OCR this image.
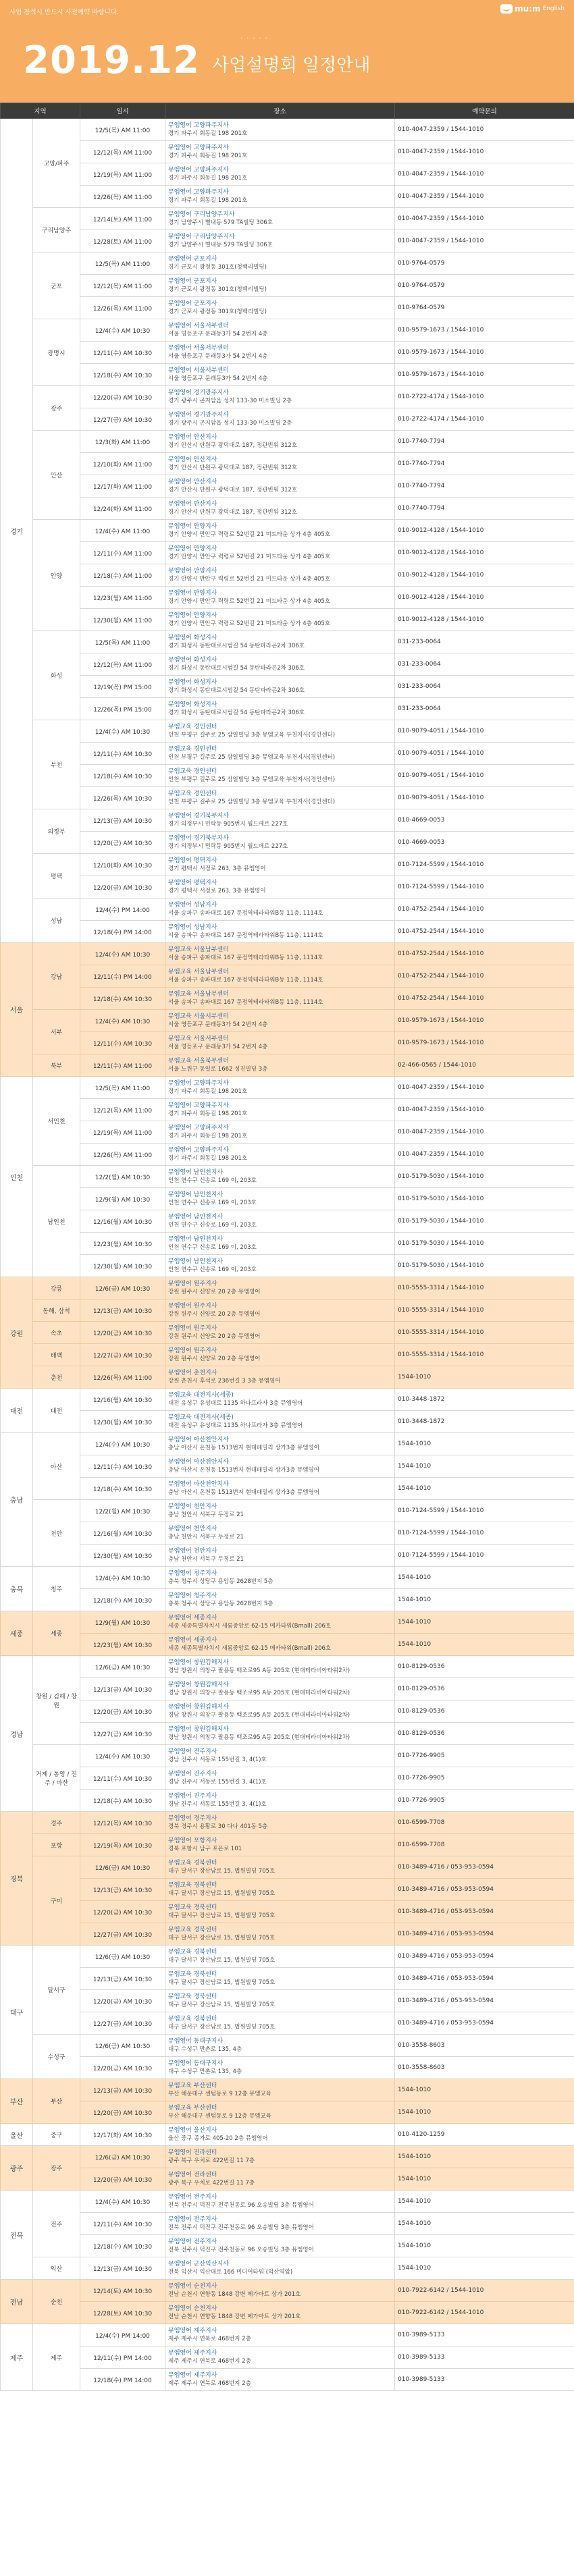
사업 참석시 반드시 사전예약 바랍니다.	mu:m English
·····
2019.12 사업설명회 일정안내
지역		일시	장소	예약문의
경기	고양/파주	12/5(목) AM 11:00	뮤엠영어 고양파주지사
경기 파주시 회동길 198 201호	010-4047-2359 / 1544-1010
		12/12(목) AM 11:00	뮤엠영어 고양파주지사
경기 파주시 회동길 198 201호	010-4047-2359 / 1544-1010
		12/19(목) AM 11:00	뮤엠영어 고양파주지사
경기 파주시 회동길 198 201호	010-4047-2359 / 1544-1010
		12/26(목) AM 11:00	뮤엠영어 고양파주지사
경기 파주시 회동길 198 201호	010-4047-2359 / 1544-1010
	구리남양주	12/14(토) AM 11:00	뮤엠영어 구리남양주지사
경기 남양주시 별내동 579 TA빌딩 306호	010-4047-2359 / 1544-1010
		12/28(토) AM 11:00	뮤엠영어 구리남양주지사
경기 남양주시 별내동 579 TA빌딩 306호	010-4047-2359 / 1544-1010
	군포	12/5(목) AM 11:00	뮤엠영어 군포지사
경기 군포시 광정동 301호(청백리빌딩)	010-9764-0579
		12/12(목) AM 11:00	뮤엠영어 군포지사
경기 군포시 광정동 301호(청백리빌딩)	010-9764-0579
		12/26(목) AM 11:00	뮤엠영어 군포지사
경기 군포시 광정동 301호(청백리빌딩)	010-9764-0579
	광명시	12/4(수) AM 10:30	뮤엠영어 서울서부센터
서울 영등포구 문래동3가 54 2번지 4층	010-9579-1673 / 1544-1010
		12/11(수) AM 10:30	뮤엠영어 서울서부센터
서울 영등포구 문래동3가 54 2번지 4층	010-9579-1673 / 1544-1010
		12/18(수) AM 10:30	뮤엠영어 서울서부센터
서울 영등포구 문래동3가 54 2번지 4층	010-9579-1673 / 1544-1010
	광주	12/20(금) AM 10:30	뮤엠영어 경기광주지사
경기 광주시 곤지암읍 성지 133-30 미소빌딩 2층	010-2722-4174 / 1544-1010
		12/27(금) AM 10:30	뮤엠영어 경기광주지사
경기 광주시 곤지암읍 성지 133-30 미소빌딩 2층	010-2722-4174 / 1544-1010
	안산	12/3(화) AM 11:00	뮤엠영어 안산지사
경기 안산시 단원구 광덕대로 187, 정관빈워 312호	010-7740-7794
		12/10(화) AM 11:00	뮤엠영어 안산지사
경기 안산시 단원구 광덕대로 187, 정관빈워 312호	010-7740-7794
		12/17(화) AM 11:00	뮤엠영어 안산지사
경기 안산시 단원구 광덕대로 187, 정관빈워 312호	010-7740-7794
		12/24(화) AM 11:00	뮤엠영어 안산지사
경기 안산시 단원구 광덕대로 187, 정관빈워 312호	010-7740-7794
	안양	12/4(수) AM 11:00	뮤엠영어 안양지사
경기 안양시 만안구 력령로 52번길 21 미드타운 상가 4층 405호	010-9012-4128 / 1544-1010
		12/11(수) AM 11:00	뮤엠영어 안양지사
경기 안양시 만안구 력령로 52번길 21 미드타운 상가 4층 405호	010-9012-4128 / 1544-1010
		12/18(수) AM 11:00	뮤엠영어 안양지사
경기 안양시 만안구 력령로 52번길 21 미드타운 상가 4층 405호	010-9012-4128 / 1544-1010
		12/23(월) AM 11:00	뮤엠영어 안양지사
경기 안양시 만안구 력령로 52번길 21 미드타운 상가 4층 405호	010-9012-4128 / 1544-1010
		12/30(월) AM 11:00	뮤엠영어 안양지사
경기 안양시 만안구 력령로 52번길 21 미드타운 상가 4층 405호	010-9012-4128 / 1544-1010
	화성	12/5(목) AM 11:00	뮤엠영어 화성지사
경기 화성시 동탄대로시범길 54 동탄파라곤2차 306호	031-233-0064
		12/12(목) AM 11:00	뮤엠영어 화성지사
경기 화성시 동탄대로시범길 54 동탄파라곤2차 306호	031-233-0064
		12/19(목) PM 15:00	뮤엠영어 화성지사
경기 화성시 동탄대로시범길 54 동탄파라곤2차 306호	031-233-0064
		12/26(목) PM 15:00	뮤엠영어 화성지사
경기 화성시 동탄대로시범길 54 동탄파라곤2차 306호	031-233-0064
	부천	12/4(수) AM 10:30	뮤엠교육 경인센터
인천 부평구 길주로 25 삼일빌딩 3층 뮤엠교육 부천지사(경인센터)	010-9079-4051 / 1544-1010
		12/11(수) AM 10:30	뮤엠교육 경인센터
인천 부평구 길주로 25 삼일빌딩 3층 뮤엠교육 부천지사(경인센터)	010-9079-4051 / 1544-1010
		12/18(수) AM 10:30	뮤엠교육 경인센터
인천 부평구 길주로 25 삼일빌딩 3층 뮤엠교육 부천지사(경인센터)	010-9079-4051 / 1544-1010
		12/26(목) AM 10:30	뮤엠교육 경인센터
인천 부평구 길주로 25 삼일빌딩 3층 뮤엠교육 부천지사(경인센터)	010-9079-4051 / 1544-1010
	의정부	12/13(금) AM 10:30	뮤엠영어 경기북부지사
경기 의정부시 민락동 905번지 월드메르 227호	010-4669-0053
		12/20(금) AM 10:30	뮤엠영어 경기북부지사
경기 의정부시 민락동 905번지 월드메르 227호	010-4669-0053
	평택	12/10(화) AM 10:30	뮤엠영어 평택지사
경기 평택시 서정로 263, 3층 뮤엠영어	010-7124-5599 / 1544-1010
		12/20(금) AM 10:30	뮤엠영어 평택지사
경기 평택시 서정로 263, 3층 뮤엠영어	010-7124-5599 / 1544-1010
	성남	12/4(수) PM 14:00	뮤엠영어 성남지사
서울 송파구 송파대로 167 문정역테라타워B동 11층, 1114호	010-4752-2544 / 1544-1010
		12/18(수) PM 14:00	뮤엠영어 성남지사
서울 송파구 송파대로 167 문정역테라타워B동 11층, 1114호	010-4752-2544 / 1544-1010
서울	강남	12/4(수) AM 10:30	뮤엠교육 서울남부센터
서울 송파구 송파대로 167 문정역테라타워B동 11층, 1114호	010-4752-2544 / 1544-1010
		12/11(수) PM 14:00	뮤엠교육 서울남부센터
서울 송파구 송파대로 167 문정역테라타워B동 11층, 1114호	010-4752-2544 / 1544-1010
		12/18(수) AM 10:30	뮤엠교육 서울남부센터
서울 송파구 송파대로 167 문정역테라타워B동 11층, 1114호	010-4752-2544 / 1544-1010
	서부	12/4(수) AM 10:30	뮤엠교육 서울서부센터
서울 영등포구 문래동3가 54 2번지 4층	010-9579-1673 / 1544-1010
		12/11(수) AM 10:30	뮤엠교육 서울서부센터
서울 영등포구 문래동3가 54 2번지 4층	010-9579-1673 / 1544-1010
	북부	12/11(수) AM 11:00	뮤엠교육 서울북부센터
서울 노원구 동일로 1662 성진빌딩 3층	02-466-0565 / 1544-1010
인천	서인천	12/5(목) AM 11:00	뮤엠영어 고양파주지사
경기 파주시 회동길 198 201호	010-4047-2359 / 1544-1010
		12/12(목) AM 11:00	뮤엠영어 고양파주지사
경기 파주시 회동길 198 201호	010-4047-2359 / 1544-1010
		12/19(목) AM 11:00	뮤엠영어 고양파주지사
경기 파주시 회동길 198 201호	010-4047-2359 / 1544-1010
		12/26(목) AM 11:00	뮤엠영어 고양파주지사
경기 파주시 회동길 198 201호	010-4047-2359 / 1544-1010
	남인천	12/2(월) AM 10:30	뮤엠영어 남인천지사
인천 연수구 신송로 169 이, 203호	010-5179-5030 / 1544-1010
		12/9(월) AM 10:30	뮤엠영어 남인천지사
인천 연수구 신송로 169 이, 203호	010-5179-5030 / 1544-1010
		12/16(월) AM 10:30	뮤엠영어 남인천지사
인천 연수구 신송로 169 이, 203호	010-5179-5030 / 1544-1010
		12/23(월) AM 10:30	뮤엠영어 남인천지사
인천 연수구 신송로 169 이, 203호	010-5179-5030 / 1544-1010
		12/30(월) AM 10:30	뮤엠영어 남인천지사
인천 연수구 신송로 169 이, 203호	010-5179-5030 / 1544-1010
강원	강릉	12/6(금) AM 10:30	뮤엠영어 원주지사
강원 원주시 신양로 20 2층 뮤엠영어	010-5555-3314 / 1544-1010
	동해, 삼척	12/13(금) AM 10:30	뮤엠영어 원주지사
강원 원주시 신양로 20 2층 뮤엠영어	010-5555-3314 / 1544-1010
	속초	12/20(금) AM 10:30	뮤엠영어 원주지사
강원 원주시 신양로 20 2층 뮤엠영어	010-5555-3314 / 1544-1010
	태백	12/27(금) AM 10:30	뮤엠영어 원주지사
강원 원주시 신양로 20 2층 뮤엠영어	010-5555-3314 / 1544-1010
	춘천	12/26(목) AM 11:00	뮤엠영어 춘천지사
강원 춘천시 후석로 236번길 3 3층 뮤엠영어	1544-1010
대전	대전	12/16(월) AM 10:30	뮤엠교육 대전지사(세종)
대전 유성구 유성대로 1135 하나프라자 3층 뮤엠영어	010-3448-1872
		12/30(월) AM 10:30	뮤엠교육 대전지사(세종)
대전 유성구 유성대로 1135 하나프라자 3층 뮤엠영어	010-3448-1872
충남	아산	12/4(수) AM 10:30	뮤엠영어 아산천안지사
충남 아산시 온천동 1513번지 현대패밀리 상가3층 뮤엠영어	1544-1010
		12/11(수) AM 10:30	뮤엠영어 아산천안지사
충남 아산시 온천동 1513번지 현대패밀리 상가3층 뮤엠영어	1544-1010
		12/18(수) AM 10:30	뮤엠영어 아산천안지사
충남 아산시 온천동 1513번지 현대패밀리 상가3층 뮤엠영어	1544-1010
	천안	12/2(월) AM 10:30	뮤엠영어 천안지사
충남 천안시 서북구 두정로 21	010-7124-5599 / 1544-1010
		12/16(월) AM 10:30	뮤엠영어 천안지사
충남 천안시 서북구 두정로 21	010-7124-5599 / 1544-1010
		12/30(월) AM 10:30	뮤엠영어 천안지사
충남 천안시 서북구 두정로 21	010-7124-5599 / 1544-1010
충북	청주	12/4(수) AM 10:30	뮤엠영어 청주지사
충북 청주시 상당구 용암동 2628번지 5층	1544-1010
		12/18(수) AM 10:30	뮤엠영어 청주지사
충북 청주시 상당구 용암동 2628번지 5층	1544-1010
세종	세종	12/9(월) AM 10:30	뮤엠영어 세종지사
세종 세종특별자치시 새롬중앙로 62-15 메카타워(Bmall) 206호	1544-1010
		12/23(월) AM 10:30	뮤엠영어 세종지사
세종 세종특별자치시 새롬중앙로 62-15 메카타워(Bmall) 206호	1544-1010
경남	창원 / 김해 / 창원	12/6(금) AM 10:30	뮤엠영어 창원김해지사
경남 창원시 의창구 팔용동 백조로95 A동 205호 (현대테라비아타워2차)	010-8129-0536
		12/13(금) AM 10:30	뮤엠영어 창원김해지사
경남 창원시 의창구 팔용동 백조로95 A동 205호 (현대테라비아타워2차)	010-8129-0536
		12/20(금) AM 10:30	뮤엠영어 창원김해지사
경남 창원시 의창구 팔용동 백조로95 A동 205호 (현대테라비아타워2차)	010-8129-0536
		12/27(금) AM 10:30	뮤엠영어 창원김해지사
경남 창원시 의창구 팔용동 백조로95 A동 205호 (현대테라비아타워2차)	010-8129-0536
	거제 / 통영 / 진주 / 마산	12/4(수) AM 10:30	뮤엠영어 진주지사
경남 진주시 서동로 155번길 3, 4(1)호	010-7726-9905
		12/11(수) AM 10:30	뮤엠영어 진주지사
경남 진주시 서동로 155번길 3, 4(1)호	010-7726-9905
		12/18(수) AM 10:30	뮤엠영어 진주지사
경남 진주시 서동로 155번길 3, 4(1)호	010-7726-9905
경북	경주	12/12(목) AM 10:30	뮤엠영어 경주지사
경북 경주시 용황로 30 다나 401동 5층	010-6599-7708
	포항	12/19(목) AM 10:30	뮤엠영어 포항지사
경북 포항시 남구 포은로 101	010-6599-7708
	구미	12/6(금) AM 10:30	뮤엠교육 경북센터
대구 달서구 장산남로 15, 법원빌딩 705호	010-3489-4716 / 053-953-0594
		12/13(금) AM 10:30	뮤엠교육 경북센터
대구 달서구 장산남로 15, 법원빌딩 705호	010-3489-4716 / 053-953-0594
		12/20(금) AM 10:30	뮤엠교육 경북센터
대구 달서구 장산남로 15, 법원빌딩 705호	010-3489-4716 / 053-953-0594
		12/27(금) AM 10:30	뮤엠교육 경북센터
대구 달서구 장산남로 15, 법원빌딩 705호	010-3489-4716 / 053-953-0594
대구	달서구	12/6(금) AM 10:30	뮤엠교육 경북센터
대구 달서구 장산남로 15, 법원빌딩 705호	010-3489-4716 / 053-953-0594
		12/13(금) AM 10:30	뮤엠교육 경북센터
대구 달서구 장산남로 15, 법원빌딩 705호	010-3489-4716 / 053-953-0594
		12/20(금) AM 10:30	뮤엠교육 경북센터
대구 달서구 장산남로 15, 법원빌딩 705호	010-3489-4716 / 053-953-0594
		12/27(금) AM 10:30	뮤엠교육 경북센터
대구 달서구 장산남로 15, 법원빌딩 705호	010-3489-4716 / 053-953-0594
	수성구	12/6(금) AM 10:30	뮤엠영어 동대구지사
대구 수성구 만촌로 135, 4층	010-3558-8603
		12/20(금) AM 10:30	뮤엠영어 동대구지사
대구 수성구 만촌로 135, 4층	010-3558-8603
부산	부산	12/13(금) AM 10:30	뮤엠교육 부산센터
부산 해운대구 센텀동로 9 12층 뮤엠교육	1544-1010
		12/20(금) AM 10:30	뮤엠교육 부산센터
부산 해운대구 센텀동로 9 12층 뮤엠교육	1544-1010
울산	중구	12/17(화) AM 10:30	뮤엠영어 울산지사
울산 중구 종가로 405-20 2층 뮤엠영어	010-4120-1259
광주	광주	12/6(금) AM 10:30	뮤엠영어 전라센터
광주 북구 우치로 422번길 11 7층	1544-1010
		12/20(금) AM 10:30	뮤엠영어 전라센터
광주 북구 우치로 422번길 11 7층	1544-1010
전북	전주	12/4(수) AM 10:30	뮤엠영어 전주지사
전북 전주시 덕진구 전주천동로 96 오송빌딩 3층 뮤엠영어	1544-1010
		12/11(수) AM 10:30	뮤엠영어 전주지사
전북 전주시 덕진구 전주천동로 96 오송빌딩 3층 뮤엠영어	1544-1010
		12/18(수) AM 10:30	뮤엠영어 전주지사
전북 전주시 덕진구 전주천동로 96 오송빌딩 3층 뮤엠영어	1544-1010
	익산	12/13(금) AM 10:30	뮤엠영어 군산익산지사
전북 익산시 익산대로 166 미디어타워 (익산역앞)	1544-1010
전남	순천	12/14(토) AM 10:30	뮤엠영어 순천지사
전남 순천시 연향동 1848 강변 메가마트 상가 201호	010-7922-6142 / 1544-1010
		12/28(토) AM 10:30	뮤엠영어 순천지사
전남 순천시 연향동 1848 강변 메가마트 상가 201호	010-7922-6142 / 1544-1010
제주	제주	12/4(수) PM 14:00	뮤엠영어 제주지사
제주 제주시 연북로 468번지 2층	010-3989-5133
		12/11(수) PM 14:00	뮤엠영어 제주지사
제주 제주시 연북로 468번지 2층	010-3989-5133
		12/18(수) PM 14:00	뮤엠영어 제주지사
제주 제주시 연북로 468번지 2층	010-3989-5133
